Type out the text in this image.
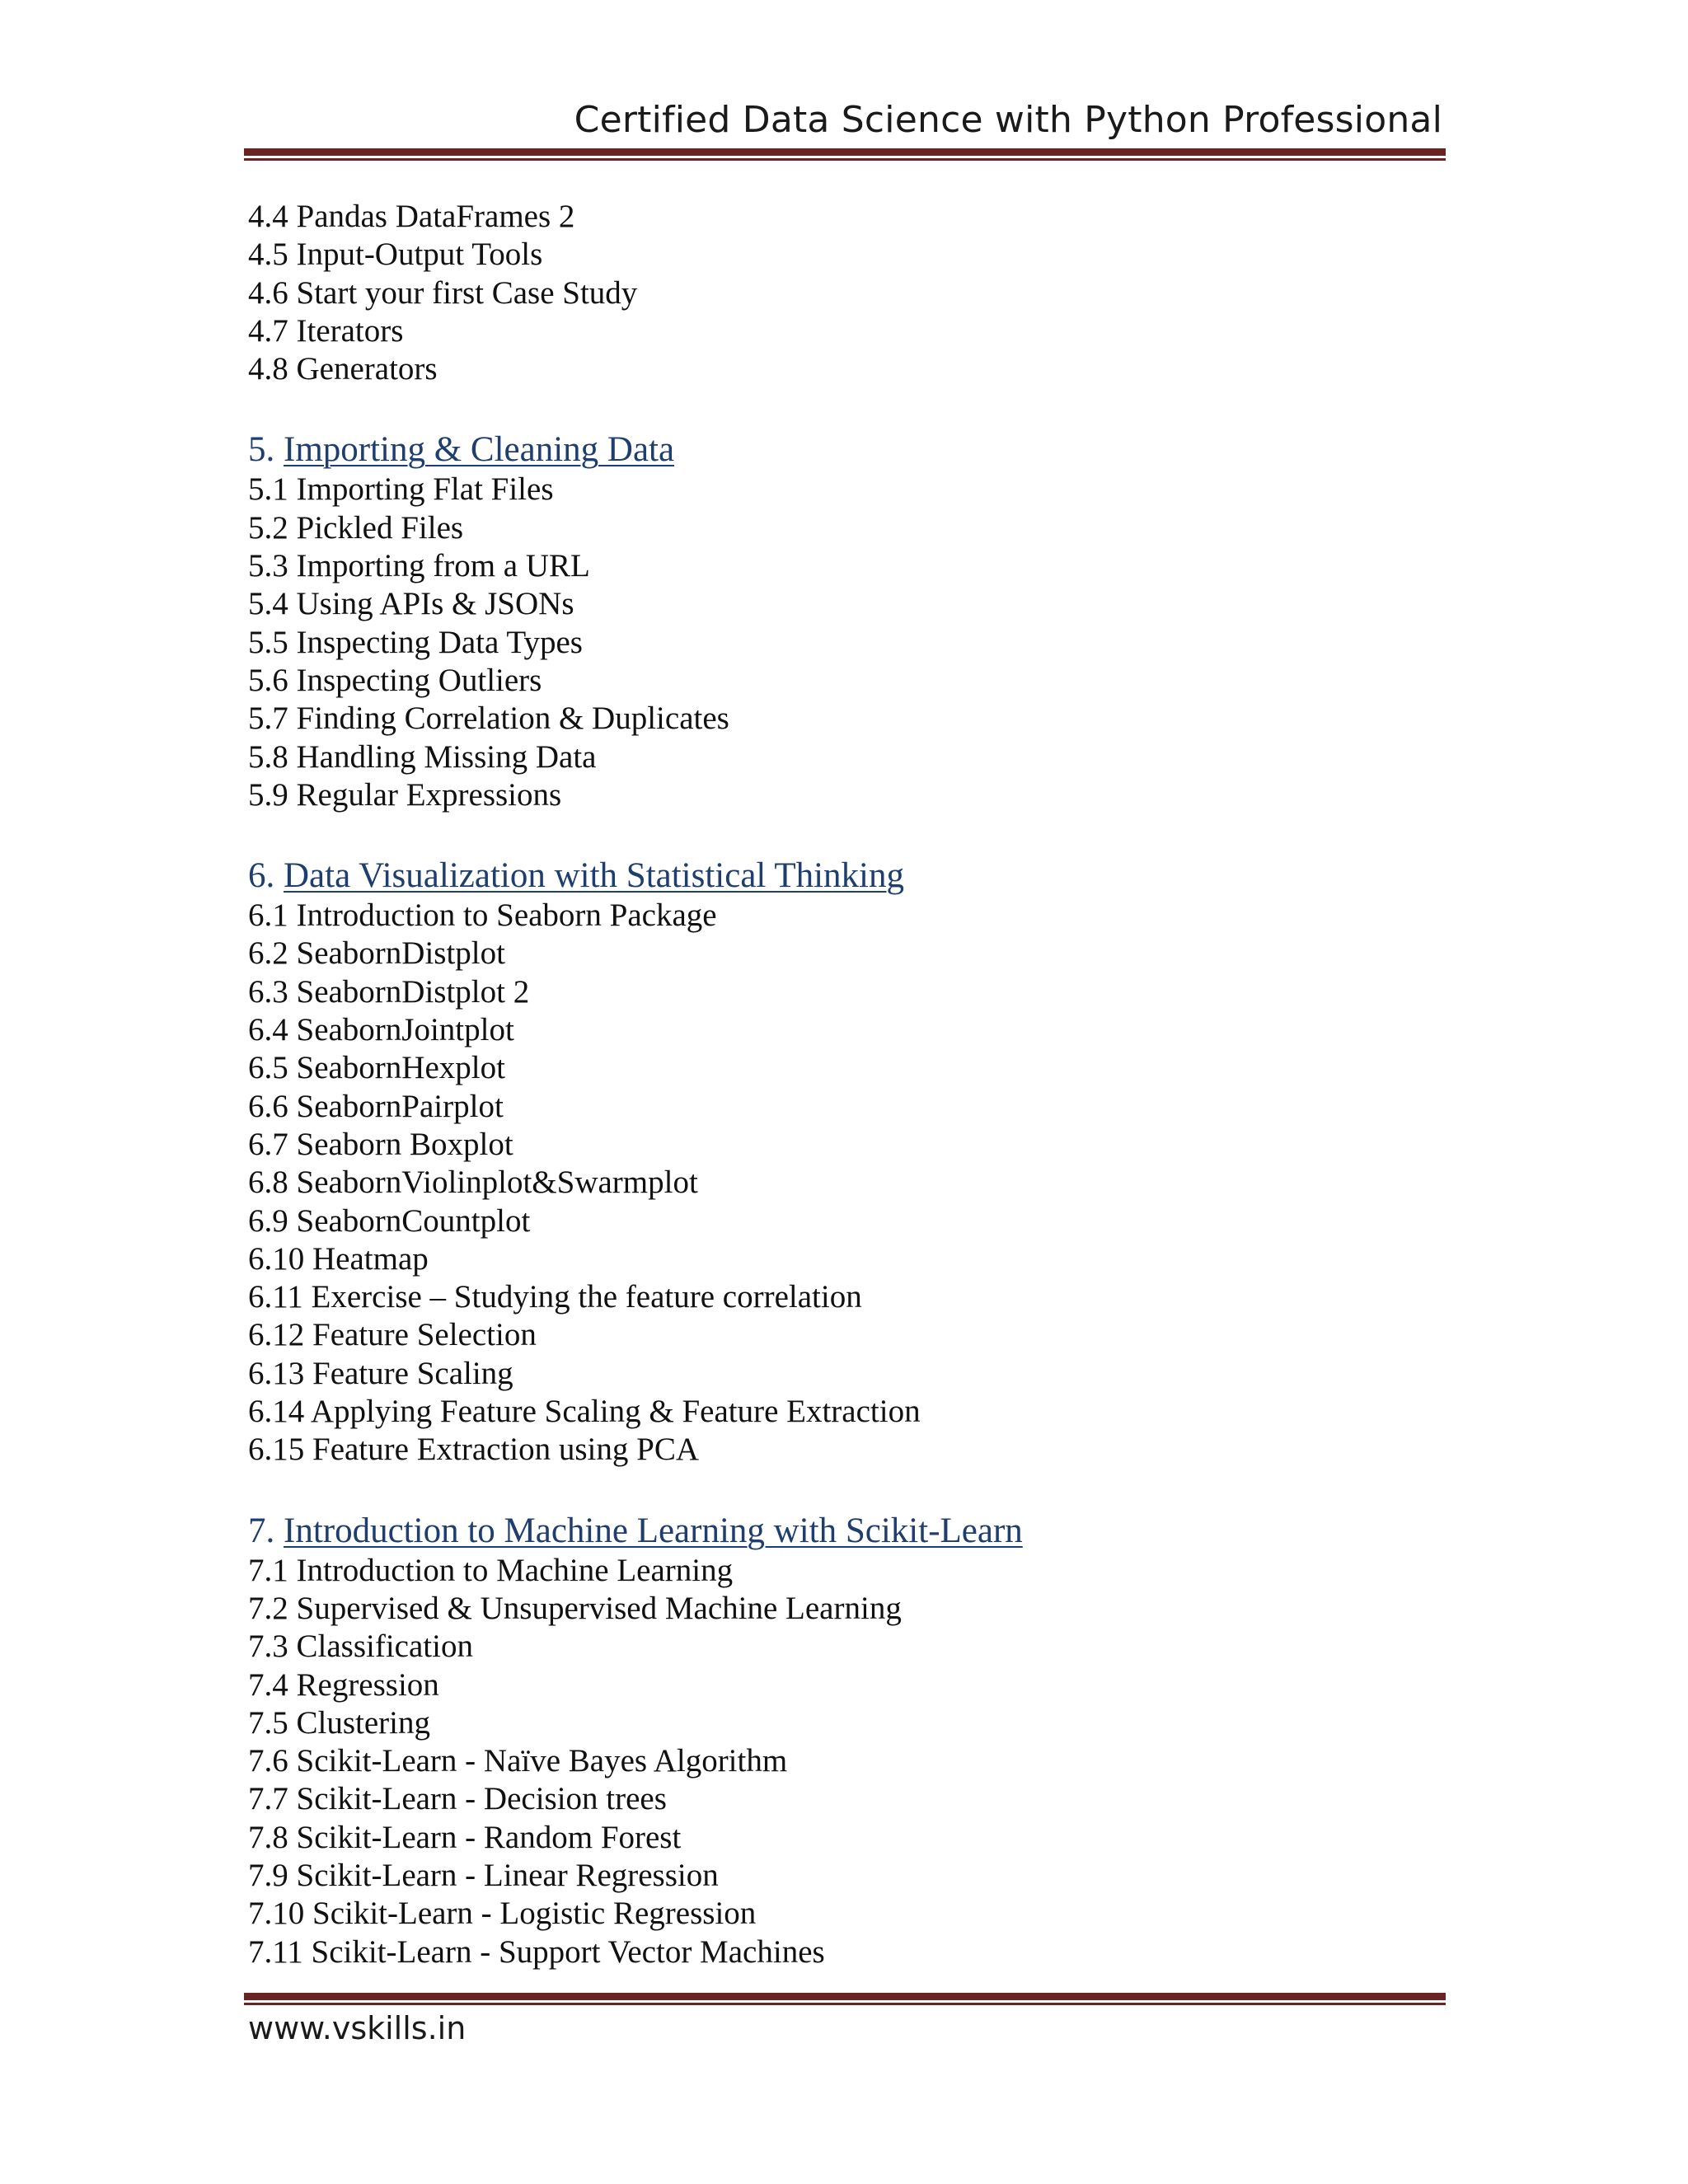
Certified Data Science with Python Professional
4.4 Pandas DataFrames 2
4.5 Input-Output Tools
4.6 Start your first Case Study
4.7 Iterators
4.8 Generators
5. Importing & Cleaning Data
5.1 Importing Flat Files
5.2 Pickled Files
5.3 Importing from a URL
5.4 Using APIs & JSONs
5.5 Inspecting Data Types
5.6 Inspecting Outliers
5.7 Finding Correlation & Duplicates
5.8 Handling Missing Data
5.9 Regular Expressions
6. Data Visualization with Statistical Thinking
6.1 Introduction to Seaborn Package
6.2 SeabornDistplot
6.3 SeabornDistplot 2
6.4 SeabornJointplot
6.5 SeabornHexplot
6.6 SeabornPairplot
6.7 Seaborn Boxplot
6.8 SeabornViolinplot&Swarmplot
6.9 SeabornCountplot
6.10 Heatmap
6.11 Exercise – Studying the feature correlation
6.12 Feature Selection
6.13 Feature Scaling
6.14 Applying Feature Scaling & Feature Extraction
6.15 Feature Extraction using PCA
7. Introduction to Machine Learning with Scikit-Learn
7.1 Introduction to Machine Learning
7.2 Supervised & Unsupervised Machine Learning
7.3 Classification
7.4 Regression
7.5 Clustering
7.6 Scikit-Learn - Naïve Bayes Algorithm
7.7 Scikit-Learn - Decision trees
7.8 Scikit-Learn - Random Forest
7.9 Scikit-Learn - Linear Regression
7.10 Scikit-Learn - Logistic Regression
7.11 Scikit-Learn - Support Vector Machines
www.vskills.in
